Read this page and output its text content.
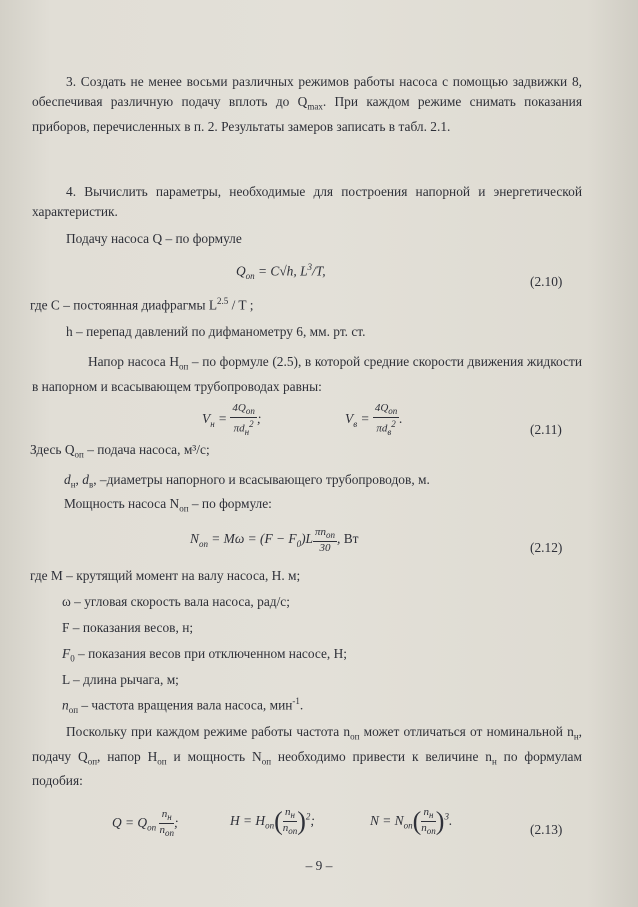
3. Создать не менее восьми различных режимов работы насоса с помощью задвижки 8, обеспечивая различную подачу вплоть до $Q_{max}$. При каждом режиме снимать показания приборов, перечисленных в п. 2. Результаты замеров записать в табл. 2.1.
4. Вычислить параметры, необходимые для построения напорной и энергетической характеристик.
Подачу насоса Q – по формуле
$Q_{оп} = C√h$, $L^3/T$,
(2.10)
где C – постоянная диафрагмы $L^{2.5}$ / T ;
h – перепад давлений по дифманометру 6, мм. рт. ст.
Напор насоса $H_{оп}$ – по формуле (2.5), в которой средние скорости движения жидкости в напорном и всасывающем трубопроводах равны:
$V_н = \frac{4Q_{оп}}{\pi d_н^2}$ ;	$V_в = \frac{4Q_{оп}}{\pi d_в^2}$ .
(2.11)
Здесь $Q_{оп}$ – подача насоса, м³/с;
$d_н$, $d_в$, –диаметры напорного и всасывающего трубопроводов, м.
Мощность насоса $N_{оп}$ – по формуле:
$N_{оп} = M\omega = (F - F_0)L \frac{\pi n_{оп}}{30}$ , Вт
(2.12)
где М – крутящий момент на валу насоса, Н. м;
ω – угловая скорость вала насоса, рад/с;
F – показания весов, н;
$F_0$ – показания весов при отключенном насосе, Н;
L – длина рычага, м;
$n_{оп}$ – частота вращения вала насоса, мин$^{-1}$.
Поскольку при каждом режиме работы частота $n_{оп}$ может отличаться от номинальной $n_н$, подачу $Q_{оп}$, напор $H_{оп}$ и мощность $N_{оп}$ необходимо привести к величине $n_н$ по формулам подобия:
$Q = Q_{оп} \frac{n_н}{n_{оп}}$ ;	$H = H_{оп}( \frac{n_н}{n_{оп}} )^2$;	$N = N_{оп}( \frac{n_н}{n_{оп}} )^3$.
(2.13)
– 9 –
